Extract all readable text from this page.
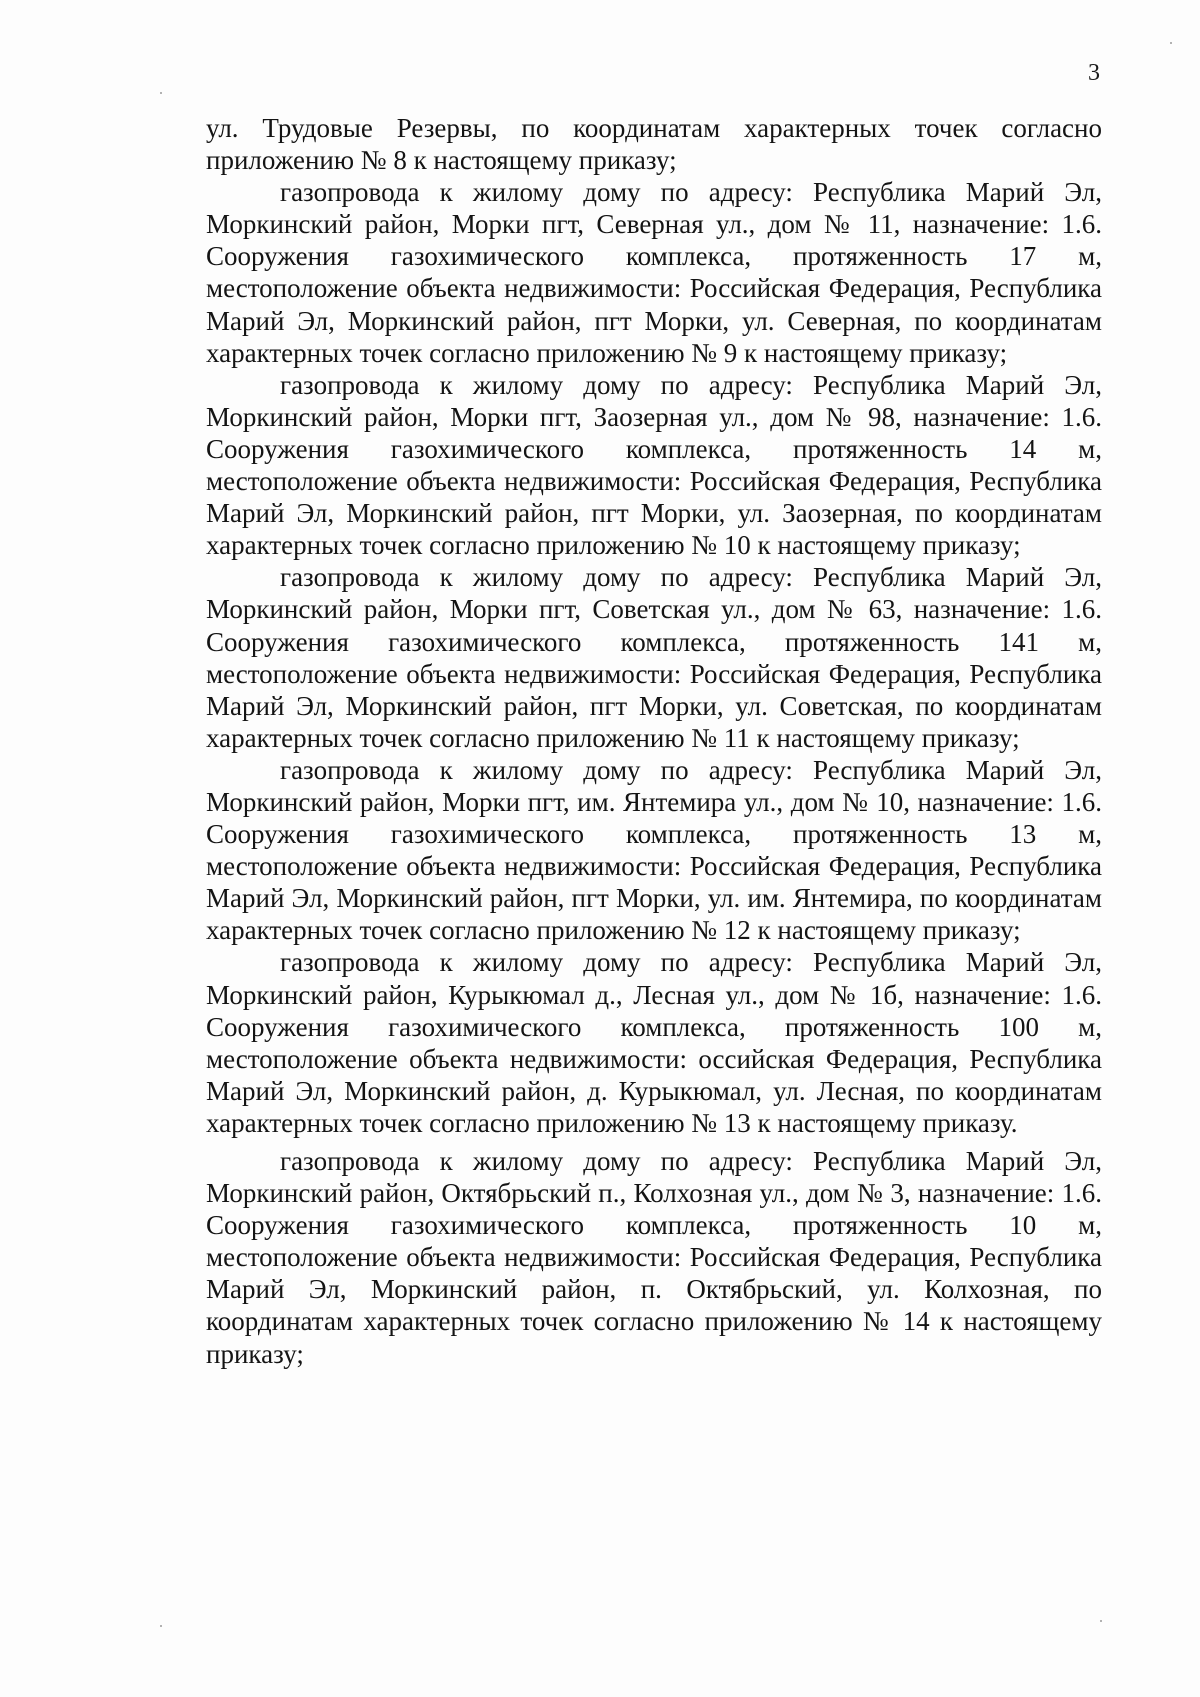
3

ул. Трудовые Резервы, по координатам характерных точек согласно приложению № 8 к настоящему приказу;

газопровода к жилому дому по адресу: Республика Марий Эл, Моркинский район, Морки пгт, Северная ул., дом № 11, назначение: 1.6. Сооружения газохимического комплекса, протяженность 17 м, местоположение объекта недвижимости: Российская Федерация, Республика Марий Эл, Моркинский район, пгт Морки, ул. Северная, по координатам характерных точек согласно приложению № 9 к настоящему приказу;

газопровода к жилому дому по адресу: Республика Марий Эл, Моркинский район, Морки пгт, Заозерная ул., дом № 98, назначение: 1.6. Сооружения газохимического комплекса, протяженность 14 м, местоположение объекта недвижимости: Российская Федерация, Республика Марий Эл, Моркинский район, пгт Морки, ул. Заозерная, по координатам характерных точек согласно приложению № 10 к настоящему приказу;

газопровода к жилому дому по адресу: Республика Марий Эл, Моркинский район, Морки пгт, Советская ул., дом № 63, назначение: 1.6. Сооружения газохимического комплекса, протяженность 141 м, местоположение объекта недвижимости: Российская Федерация, Республика Марий Эл, Моркинский район, пгт Морки, ул. Советская, по координатам характерных точек согласно приложению № 11 к настоящему приказу;

газопровода к жилому дому по адресу: Республика Марий Эл, Моркинский район, Морки пгт, им. Янтемира ул., дом № 10, назначение: 1.6. Сооружения газохимического комплекса, протяженность 13 м, местоположение объекта недвижимости: Российская Федерация, Республика Марий Эл, Моркинский район, пгт Морки, ул. им. Янтемира, по координатам характерных точек согласно приложению № 12 к настоящему приказу;

газопровода к жилому дому по адресу: Республика Марий Эл, Моркинский район, Курыкюмал д., Лесная ул., дом № 1б, назначение: 1.6. Сооружения газохимического комплекса, протяженность 100 м, местоположение объекта недвижимости: оссийская Федерация, Республика Марий Эл, Моркинский район, д. Курыкюмал, ул. Лесная, по координатам характерных точек согласно приложению № 13 к настоящему приказу.

газопровода к жилому дому по адресу: Республика Марий Эл, Моркинский район, Октябрьский п., Колхозная ул., дом № 3, назначение: 1.6. Сооружения газохимического комплекса, протяженность 10 м, местоположение объекта недвижимости: Российская Федерация, Республика Марий Эл, Моркинский район, п. Октябрьский, ул. Колхозная, по координатам характерных точек согласно приложению № 14 к настоящему приказу;
